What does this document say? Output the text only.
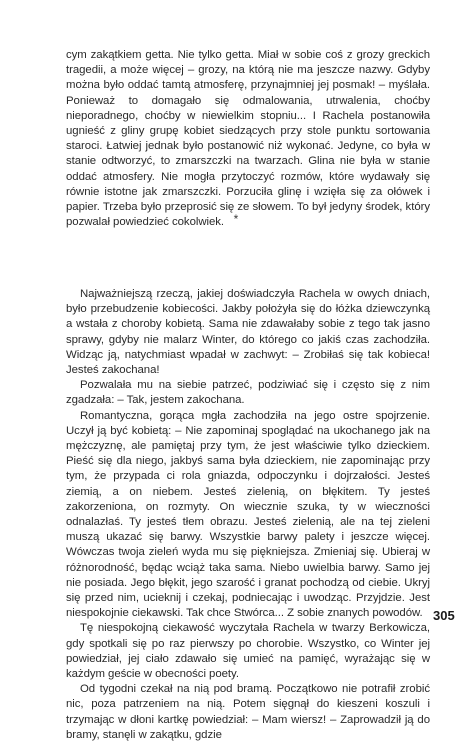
cym zakątkiem getta. Nie tylko getta. Miał w sobie coś z grozy greckich tragedii, a może więcej – grozy, na którą nie ma jeszcze nazwy. Gdyby można było oddać tamtą atmosferę, przynajmniej jej posmak! – myślała. Ponieważ to domagało się odmalowania, utrwalenia, choćby nieporadnego, choćby w niewielkim stopniu... I Rachela postanowiła ugnieść z gliny grupę kobiet siedzących przy stole punktu sortowania staroci. Łatwiej jednak było postanowić niż wykonać. Jedyne, co była w stanie odtworzyć, to zmarszczki na twarzach. Glina nie była w stanie oddać atmosfery. Nie mogła przytoczyć rozmów, które wydawały się równie istotne jak zmarszczki. Porzuciła glinę i wzięła się za ołówek i papier. Trzeba było przeprosić się ze słowem. To był jedyny środek, który pozwalał powiedzieć cokolwiek. *

Najważniejszą rzeczą, jakiej doświadczyła Rachela w owych dniach, było przebudzenie kobiecości. Jakby położyła się do łóżka dziewczynką a wstała z choroby kobietą. Sama nie zdawałaby sobie z tego tak jasno sprawy, gdyby nie malarz Winter, do którego co jakiś czas zachodziła. Widząc ją, natychmiast wpadał w zachwyt: – Zrobiłaś się tak kobieca! Jesteś zakochana!

Pozwalała mu na siebie patrzeć, podziwiać się i często się z nim zgadzała: – Tak, jestem zakochana.

Romantyczna, gorąca mgła zachodziła na jego ostre spojrzenie. Uczył ją być kobietą: – Nie zapominaj spoglądać na ukochanego jak na mężczyznę, ale pamiętaj przy tym, że jest właściwie tylko dzieckiem. Pieść się dla niego, jakbyś sama była dzieckiem, nie zapominając przy tym, że przypada ci rola gniazda, odpoczynku i dojrzałości. Jesteś ziemią, a on niebem. Jesteś zielenią, on błękitem. Ty jesteś zakorzeniona, on rozmyty. On wiecznie szuka, ty w wieczności odnalazłaś. Ty jesteś tłem obrazu. Jesteś zielenią, ale na tej zieleni muszą ukazać się barwy. Wszystkie barwy palety i jeszcze więcej. Wówczas twoja zieleń wyda mu się piękniejsza. Zmieniaj się. Ubieraj w różnorodność, będąc wciąż taka sama. Niebo uwielbia barwy. Samo jej nie posiada. Jego błękit, jego szarość i granat pochodzą od ciebie. Ukryj się przed nim, ucieknij i czekaj, podniecając i uwodząc. Przyjdzie. Jest niespokojnie ciekawski. Tak chce Stwórca... Z sobie znanych powodów.

Tę niespokojną ciekawość wyczytała Rachela w twarzy Berkowicza, gdy spotkali się po raz pierwszy po chorobie. Wszystko, co Winter jej powiedział, jej ciało zdawało się umieć na pamięć, wyrażając się w każdym geście w obecności poety.

Od tygodni czekał na nią pod bramą. Początkowo nie potrafił zrobić nic, poza patrzeniem na nią. Potem sięgnął do kieszeni koszuli i trzymając w dłoni kartkę powiedział: – Mam wiersz! – Zaprowadził ją do bramy, stanęli w zakątku, gdzie

305
